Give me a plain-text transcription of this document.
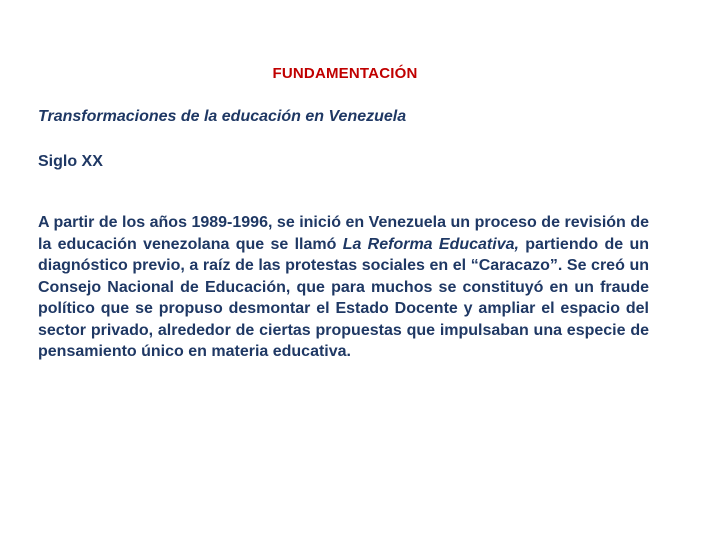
FUNDAMENTACIÓN
Transformaciones de la educación en Venezuela
Siglo XX

A partir de los años 1989-1996, se inició en Venezuela un proceso de revisión de la educación venezolana que se llamó La Reforma Educativa, partiendo de un diagnóstico previo, a raíz de las protestas sociales en el “Caracazo”. Se creó un Consejo Nacional de Educación, que para muchos se constituyó en un fraude político que se propuso desmontar el Estado Docente y ampliar el espacio del sector privado, alrededor de ciertas propuestas que impulsaban una especie de pensamiento único en materia educativa.
